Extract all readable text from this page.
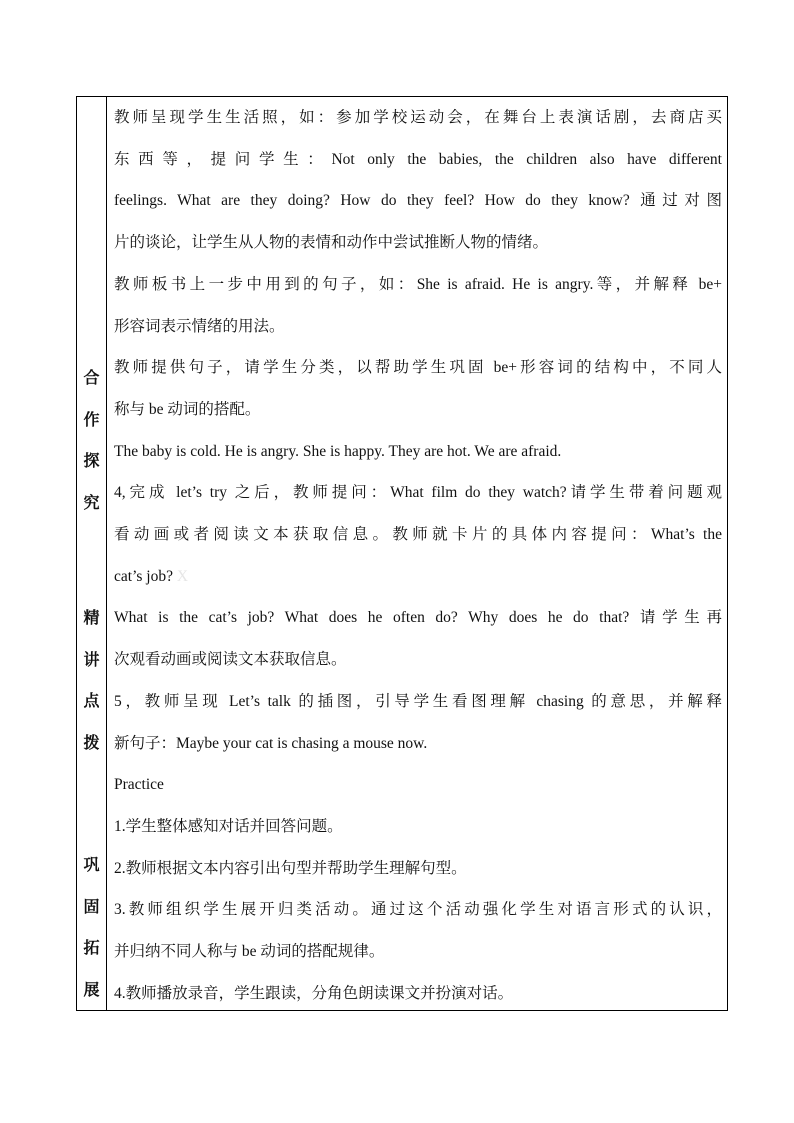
合
作
探
究
精
讲
点
拨
巩
固
拓
展
教师呈现学生生活照，如：参加学校运动会，在舞台上表演话剧，去商店买
东西等，提问学生：Not only the babies, the children also have different
feelings. What are they doing? How do they feel? How do they know? 通过对图
片的谈论，让学生从人物的表情和动作中尝试推断人物的情绪。
教师板书上一步中用到的句子，如：She is afraid. He is angry.等，并解释 be+
形容词表示情绪的用法。
教师提供句子，请学生分类，以帮助学生巩固 be+形容词的结构中，不同人
称与 be 动词的搭配。
The baby is cold. He is angry. She is happy. They are hot. We are afraid.
4,完成 let’s try 之后，教师提问：What film do they watch?请学生带着问题观
看动画或者阅读文本获取信息。教师就卡片的具体内容提问：What’s the
cat’s job? X
What is the cat’s job? What does he often do? Why does he do that? 请学生再
次观看动画或阅读文本获取信息。
5，教师呈现 Let’s talk 的插图，引导学生看图理解 chasing 的意思，并解释
新句子：Maybe your cat is chasing a mouse now.
Practice
1.学生整体感知对话并回答问题。
2.教师根据文本内容引出句型并帮助学生理解句型。
3.教师组织学生展开归类活动。通过这个活动强化学生对语言形式的认识，
并归纳不同人称与 be 动词的搭配规律。
4.教师播放录音，学生跟读，分角色朗读课文并扮演对话。
